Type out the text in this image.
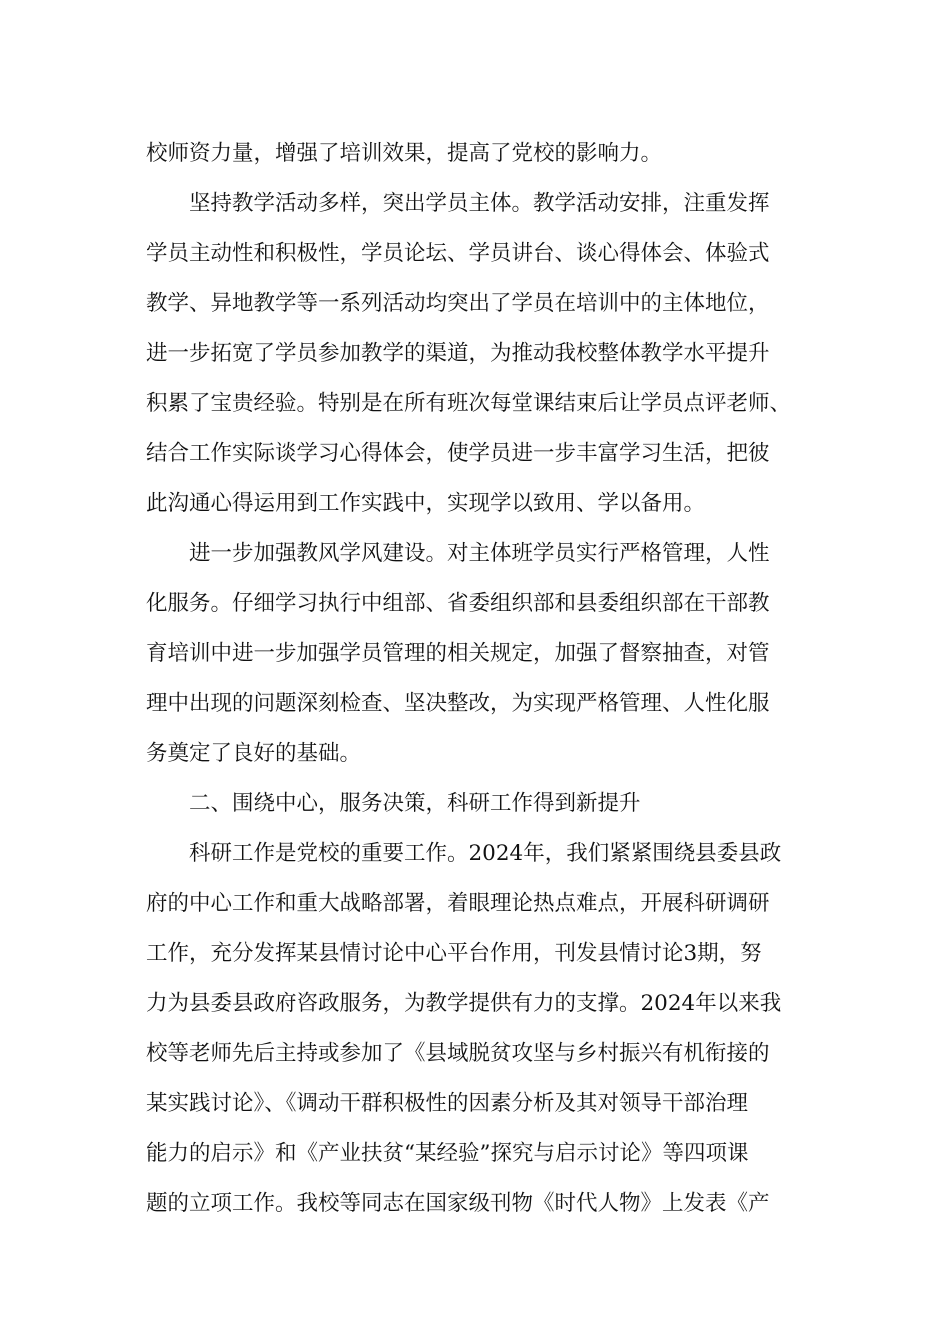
校师资力量，增强了培训效果，提高了党校的影响力。
　　坚持教学活动多样，突出学员主体。教学活动安排，注重发挥
学员主动性和积极性，学员论坛、学员讲台、谈心得体会、体验式
教学、异地教学等一系列活动均突出了学员在培训中的主体地位，
进一步拓宽了学员参加教学的渠道，为推动我校整体教学水平提升
积累了宝贵经验。特别是在所有班次每堂课结束后让学员点评老师、
结合工作实际谈学习心得体会，使学员进一步丰富学习生活，把彼
此沟通心得运用到工作实践中，实现学以致用、学以备用。
　　进一步加强教风学风建设。对主体班学员实行严格管理，人性
化服务。仔细学习执行中组部、省委组织部和县委组织部在干部教
育培训中进一步加强学员管理的相关规定，加强了督察抽查，对管
理中出现的问题深刻检查、坚决整改，为实现严格管理、人性化服
务奠定了良好的基础。
　　二、围绕中心，服务决策，科研工作得到新提升
　　科研工作是党校的重要工作。2024年，我们紧紧围绕县委县政
府的中心工作和重大战略部署，着眼理论热点难点，开展科研调研
工作，充分发挥某县情讨论中心平台作用，刊发县情讨论3期，努
力为县委县政府咨政服务，为教学提供有力的支撑。2024年以来我
校等老师先后主持或参加了《县域脱贫攻坚与乡村振兴有机衔接的
某实践讨论》、《调动干群积极性的因素分析及其对领导干部治理
能力的启示》和《产业扶贫“某经验”探究与启示讨论》等四项课
题的立项工作。我校等同志在国家级刊物《时代人物》上发表《产
